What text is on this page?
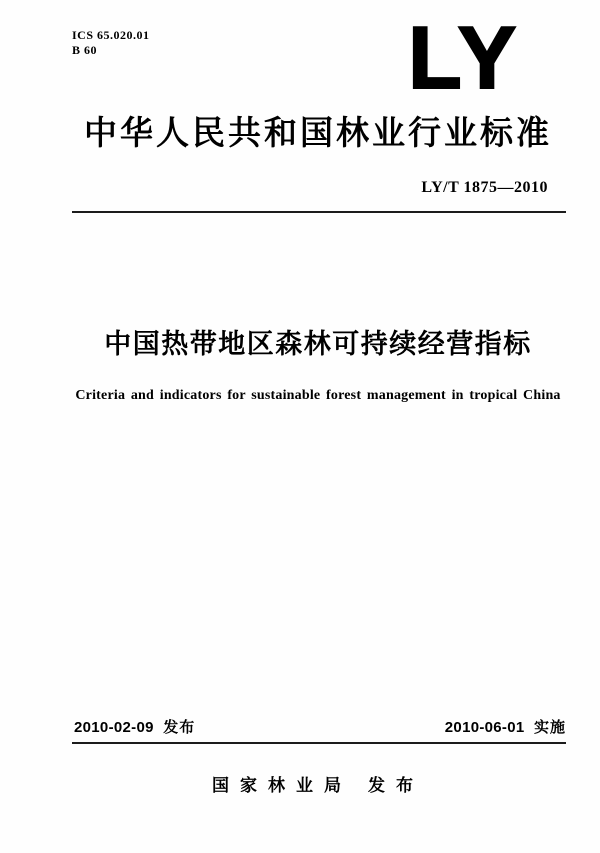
ICS 65.020.01
B 60	LY
中华人民共和国林业行业标准
LY/T 1875—2010
中国热带地区森林可持续经营指标
Criteria and indicators for sustainable forest management in tropical China
2010-02-09 发布	2010-06-01 实施
国家林业局 发布
